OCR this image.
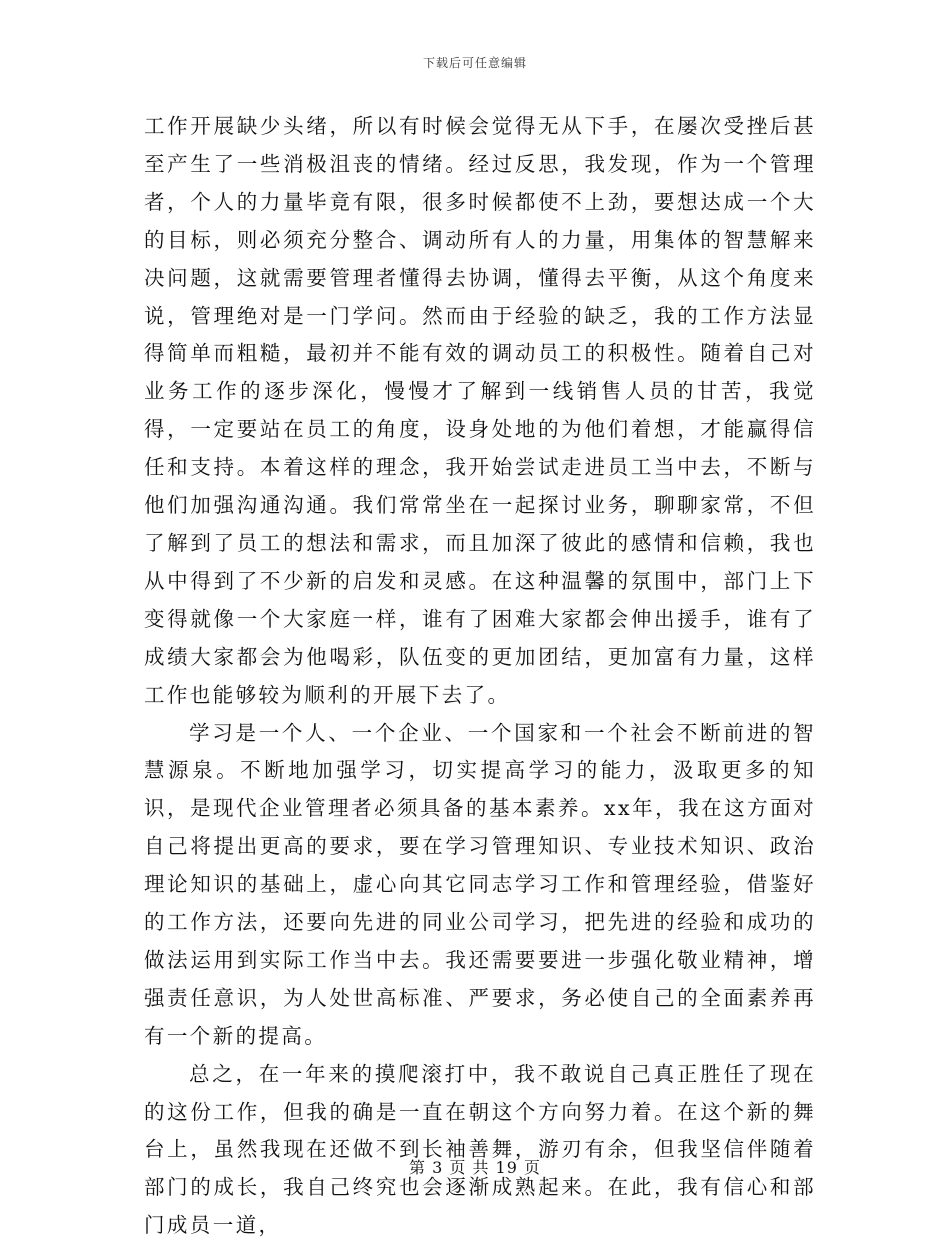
下载后可任意编辑

工作开展缺少头绪，所以有时候会觉得无从下手，在屡次受挫后甚至产生了一些消极沮丧的情绪。经过反思，我发现，作为一个管理者，个人的力量毕竟有限，很多时候都使不上劲，要想达成一个大的目标，则必须充分整合、调动所有人的力量，用集体的智慧解来决问题，这就需要管理者懂得去协调，懂得去平衡，从这个角度来说，管理绝对是一门学问。然而由于经验的缺乏，我的工作方法显得简单而粗糙，最初并不能有效的调动员工的积极性。随着自己对业务工作的逐步深化，慢慢才了解到一线销售人员的甘苦，我觉得，一定要站在员工的角度，设身处地的为他们着想，才能赢得信任和支持。本着这样的理念，我开始尝试走进员工当中去，不断与他们加强沟通沟通。我们常常坐在一起探讨业务，聊聊家常，不但了解到了员工的想法和需求，而且加深了彼此的感情和信赖，我也从中得到了不少新的启发和灵感。在这种温馨的氛围中，部门上下变得就像一个大家庭一样，谁有了困难大家都会伸出援手，谁有了成绩大家都会为他喝彩，队伍变的更加团结，更加富有力量，这样工作也能够较为顺利的开展下去了。

学习是一个人、一个企业、一个国家和一个社会不断前进的智慧源泉。不断地加强学习，切实提高学习的能力，汲取更多的知识，是现代企业管理者必须具备的基本素养。xx年，我在这方面对自己将提出更高的要求，要在学习管理知识、专业技术知识、政治理论知识的基础上，虚心向其它同志学习工作和管理经验，借鉴好的工作方法，还要向先进的同业公司学习，把先进的经验和成功的做法运用到实际工作当中去。我还需要要进一步强化敬业精神，增强责任意识，为人处世高标准、严要求，务必使自己的全面素养再有一个新的提高。

总之，在一年来的摸爬滚打中，我不敢说自己真正胜任了现在的这份工作，但我的确是一直在朝这个方向努力着。在这个新的舞台上，虽然我现在还做不到长袖善舞，游刃有余，但我坚信伴随着部门的成长，我自己终究也会逐渐成熟起来。在此，我有信心和部门成员一道，

第 3 页 共 19 页
